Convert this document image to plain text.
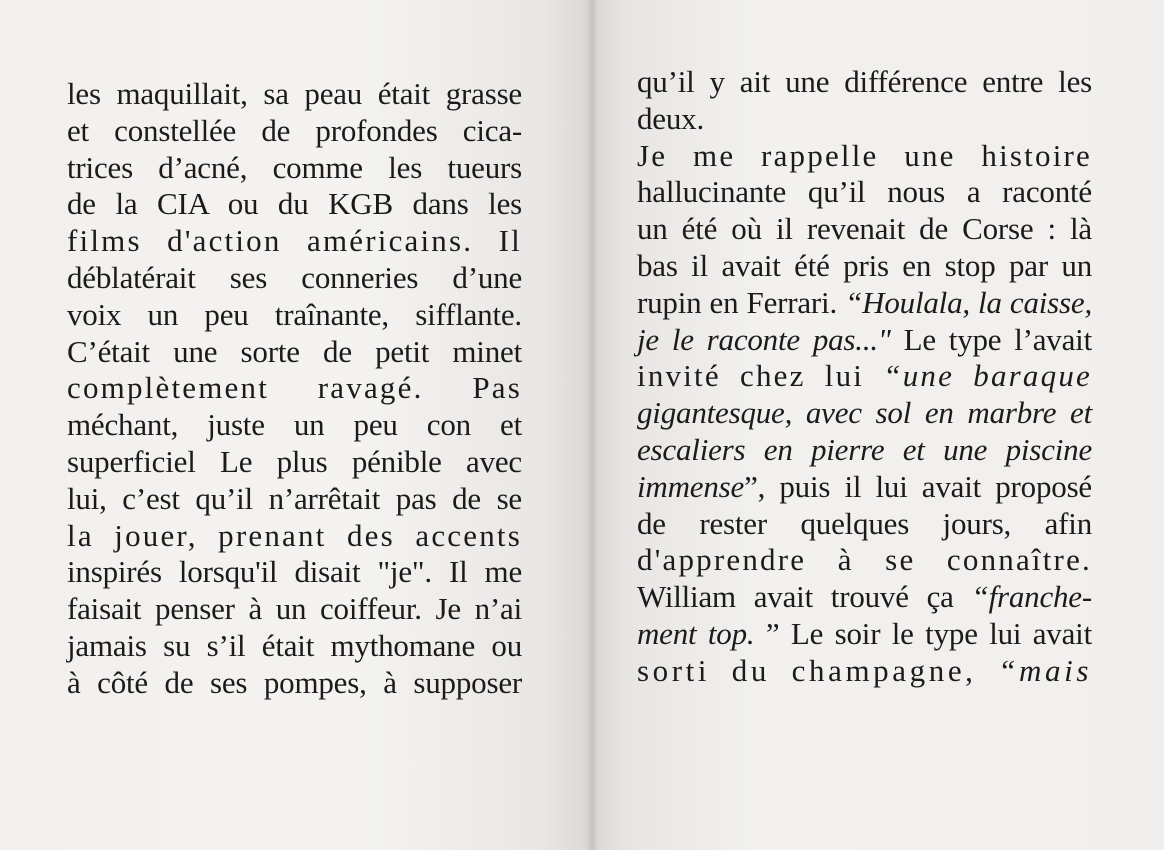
les maquillait, sa peau était grasse
et constellée de profondes cica-
trices d’acné, comme les tueurs
de la CIA ou du KGB dans les
films d'action américains. Il
déblatérait ses conneries d’une
voix un peu traînante, sifflante.
C’était une sorte de petit minet
complètement ravagé. Pas
méchant, juste un peu con et
superficiel Le plus pénible avec
lui, c’est qu’il n’arrêtait pas de se
la jouer, prenant des accents
inspirés lorsqu'il disait "je". Il me
faisait penser à un coiffeur. Je n’ai
jamais su s’il était mythomane ou
à côté de ses pompes, à supposer
qu’il y ait une différence entre les
deux.
Je me rappelle une histoire
hallucinante qu’il nous a raconté
un été où il revenait de Corse : là
bas il avait été pris en stop par un
rupin en Ferrari. “Houlala, la caisse,
je le raconte pas..." Le type l’avait
invité chez lui “une baraque
gigantesque, avec sol en marbre et
escaliers en pierre et une piscine
immense”, puis il lui avait proposé
de rester quelques jours, afin
d'apprendre à se connaître.
William avait trouvé ça “franche-
ment top. ” Le soir le type lui avait
sorti du champagne, “mais
